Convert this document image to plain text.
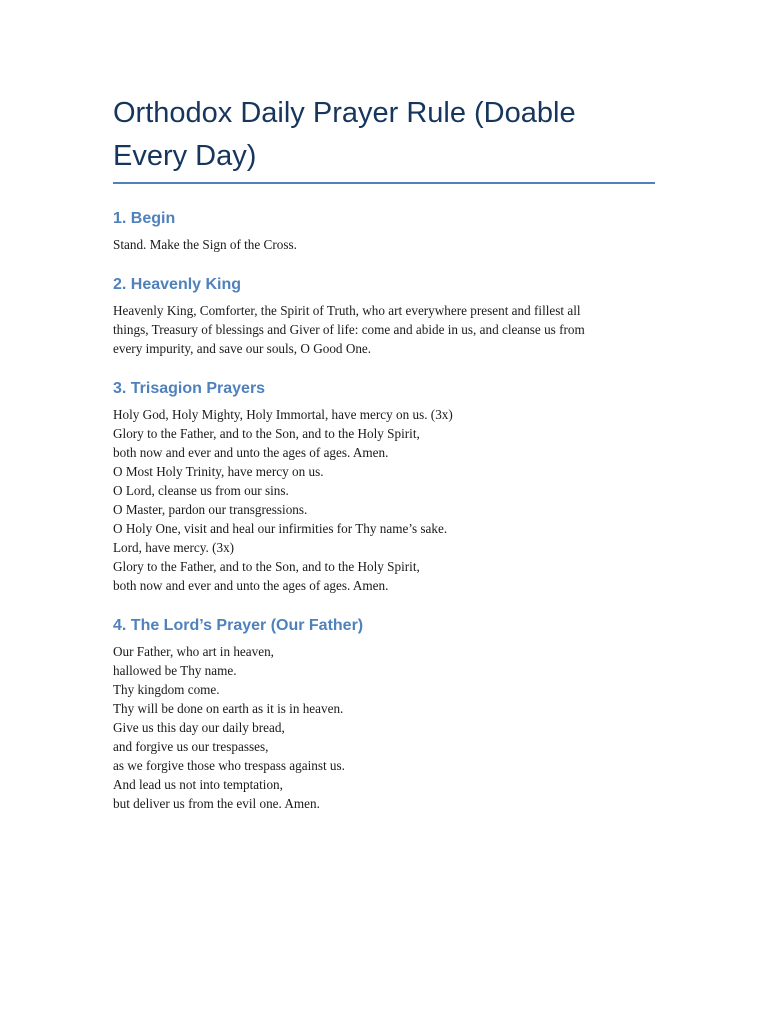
Orthodox Daily Prayer Rule (Doable
Every Day)
1. Begin

Stand. Make the Sign of the Cross.

2. Heavenly King

Heavenly King, Comforter, the Spirit of Truth, who art everywhere present and fillest all

things, Treasury of blessings and Giver of life: come and abide in us, and cleanse us from

every impurity, and save our souls, O Good One.

3. Trisagion Prayers

Holy God, Holy Mighty, Holy Immortal, have mercy on us. (3x)

Glory to the Father, and to the Son, and to the Holy Spirit,

both now and ever and unto the ages of ages. Amen.

O Most Holy Trinity, have mercy on us.

O Lord, cleanse us from our sins.

O Master, pardon our transgressions.

O Holy One, visit and heal our infirmities for Thy name’s sake.

Lord, have mercy. (3x)

Glory to the Father, and to the Son, and to the Holy Spirit,

both now and ever and unto the ages of ages. Amen.

4. The Lord’s Prayer (Our Father)

Our Father, who art in heaven,

hallowed be Thy name.

Thy kingdom come.

Thy will be done on earth as it is in heaven.

Give us this day our daily bread,

and forgive us our trespasses,

as we forgive those who trespass against us.

And lead us not into temptation,

but deliver us from the evil one. Amen.
